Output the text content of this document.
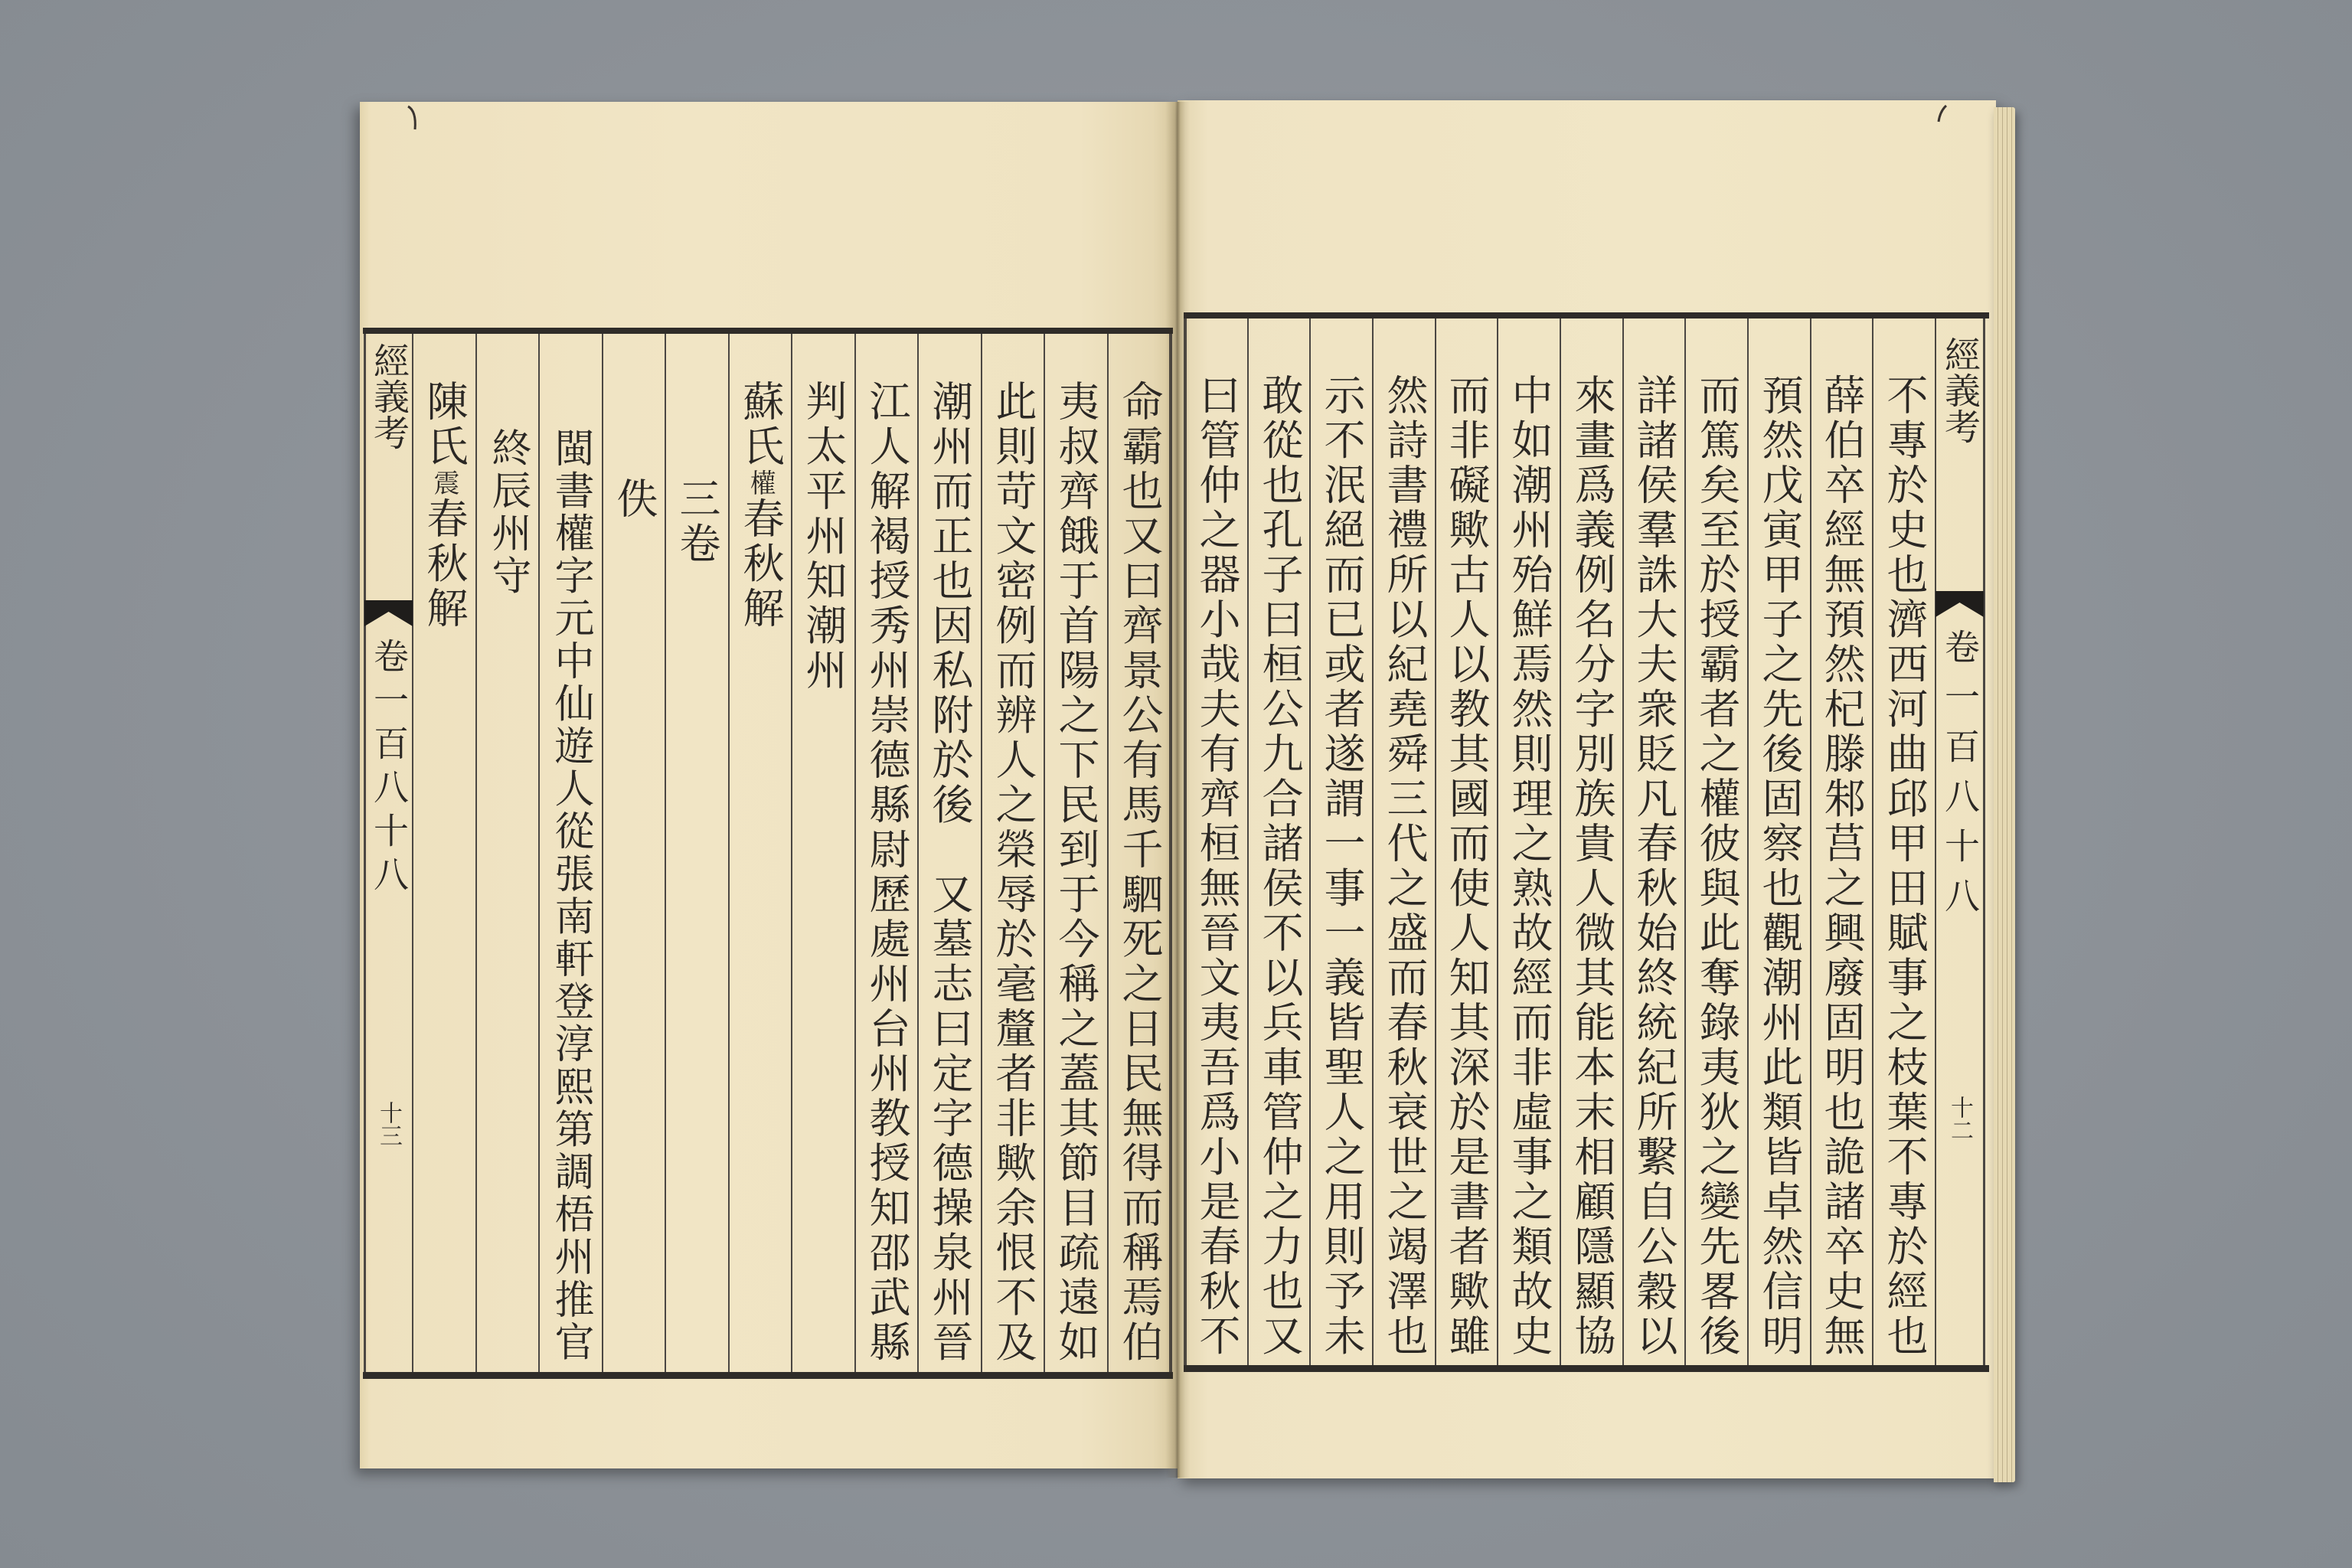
經義考
卷一百八十八
十三	命霸也又曰齊景公有馬千駟死之日民無得而稱焉伯
夷叔齊餓于首陽之下民到于今稱之蓋其節目疏遠如
此則苛文密例而辨人之榮辱於毫釐者非歟余恨不及
潮州而正也因私附於後　又墓志曰定字德操泉州晉
江人解褐授秀州崇德縣尉歷處州台州教授知邵武縣
判太平州知潮州
蘇氏權春秋解
三卷
佚
閩書權字元中仙遊人從張南軒登淳熙第調梧州推官
終辰州守
陳氏震春秋解
經義考
卷一百八十八
十二
不專於史也濟西河曲邱甲田賦事之枝葉不專於經也
薛伯卒經無預然杞滕邾莒之興廢固明也詭諸卒史無
預然戊寅甲子之先後固察也觀潮州此類皆卓然信明
而篤矣至於授霸者之權彼與此奪錄夷狄之變先畧後
詳諸侯羣誅大夫衆貶凡春秋始終統紀所繫自公穀以
來畫爲義例名分字別族貴人微其能本末相顧隱顯協
中如潮州殆鮮焉然則理之熟故經而非虛事之類故史
而非礙歟古人以教其國而使人知其深於是書者歟雖
然詩書禮所以紀堯舜三代之盛而春秋衰世之竭澤也
示不泯絕而已或者遂謂一事一義皆聖人之用則予未
敢從也孔子曰桓公九合諸侯不以兵車管仲之力也又
曰管仲之器小哉夫有齊桓無晉文夷吾爲小是春秋不
